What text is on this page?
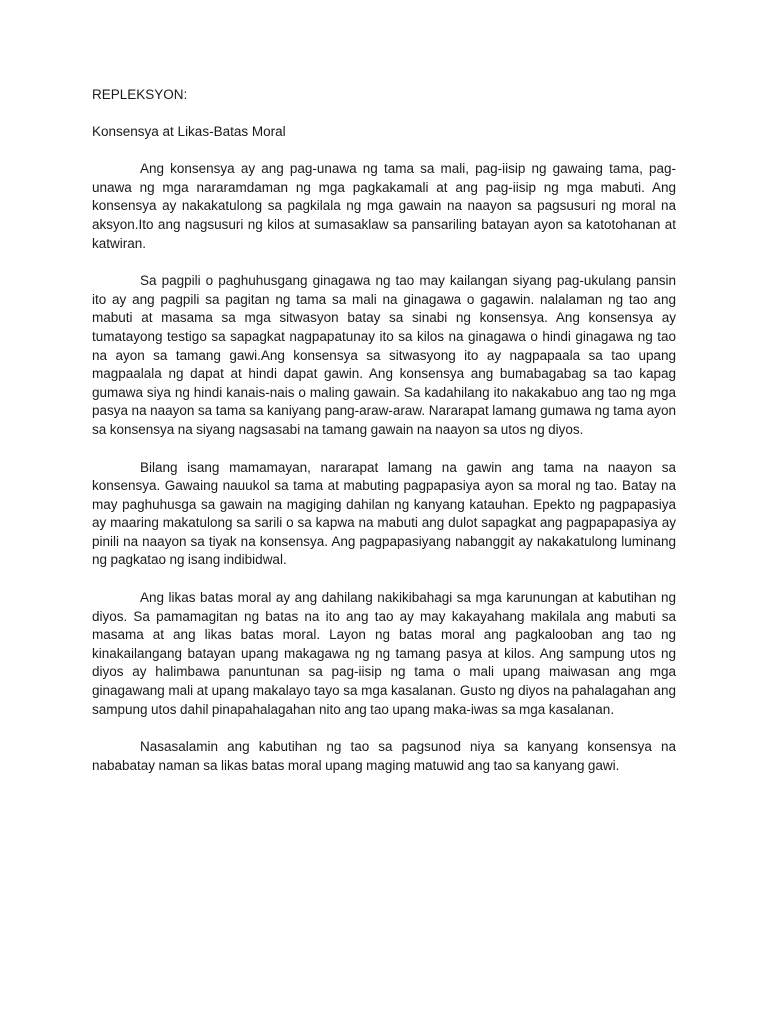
REPLEKSYON:

Konsensya at Likas-Batas Moral

Ang konsensya ay ang pag-unawa ng tama sa mali, pag-iisip ng gawaing tama, pag-unawa ng mga nararamdaman ng mga pagkakamali at ang pag-iisip ng mga mabuti. Ang konsensya ay nakakatulong sa pagkilala ng mga gawain na naayon sa pagsusuri ng moral na aksyon.Ito ang nagsusuri ng kilos at sumasaklaw sa pansariling batayan ayon sa katotohanan at katwiran.

Sa pagpili o paghuhusgang ginagawa ng tao may kailangan siyang pag-ukulang pansin ito ay ang pagpili sa pagitan ng tama sa mali na ginagawa o gagawin. nalalaman ng tao ang mabuti at masama sa mga sitwasyon batay sa sinabi ng konsensya. Ang konsensya ay tumatayong testigo sa sapagkat nagpapatunay ito sa kilos na ginagawa o hindi ginagawa ng tao na ayon sa tamang gawi.Ang konsensya sa sitwasyong ito ay nagpapaala sa tao upang magpaalala ng dapat at hindi dapat gawin. Ang konsensya ang bumabagabag sa tao kapag gumawa siya ng hindi kanais-nais o maling gawain. Sa kadahilang ito nakakabuo ang tao ng mga pasya na naayon sa tama sa kaniyang pang-araw-araw. Nararapat lamang gumawa ng tama ayon sa konsensya na siyang nagsasabi na tamang gawain na naayon sa utos ng diyos.

Bilang isang mamamayan, nararapat lamang na gawin ang tama na naayon sa konsensya. Gawaing nauukol sa tama at mabuting pagpapasiya ayon sa moral ng tao. Batay na may paghuhusga sa gawain na magiging dahilan ng kanyang katauhan. Epekto ng pagpapasiya ay maaring makatulong sa sarili o sa kapwa na mabuti ang dulot sapagkat ang pagpapapasiya ay pinili na naayon sa tiyak na konsensya. Ang pagpapasiyang nabanggit ay nakakatulong luminang ng pagkatao ng isang indibidwal.

Ang likas batas moral ay ang dahilang nakikibahagi sa mga karunungan at kabutihan ng diyos. Sa pamamagitan ng batas na ito ang tao ay may kakayahang makilala ang mabuti sa masama at ang likas batas moral. Layon ng batas moral ang pagkalooban ang tao ng kinakailangang batayan upang makagawa ng ng tamang pasya at kilos. Ang sampung utos ng diyos ay halimbawa panuntunan sa pag-iisip ng tama o mali upang maiwasan ang mga ginagawang mali at upang makalayo tayo sa mga kasalanan. Gusto ng diyos na pahalagahan ang sampung utos dahil pinapahalagahan nito ang tao upang maka-iwas sa mga kasalanan.

Nasasalamin ang kabutihan ng tao sa pagsunod niya sa kanyang konsensya na nababatay naman sa likas batas moral upang maging matuwid ang tao sa kanyang gawi.
